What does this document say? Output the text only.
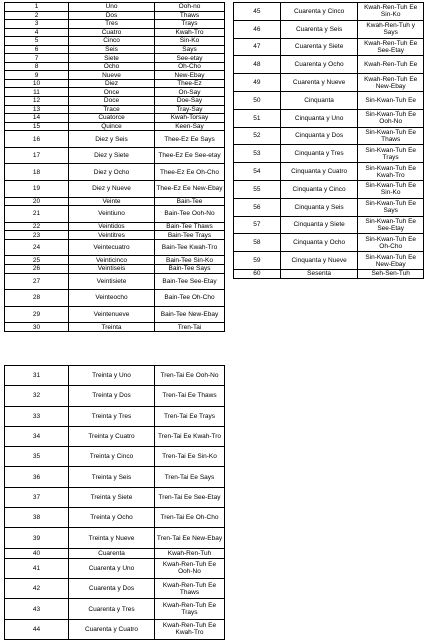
1	Uno	Ooh-no
2	Dos	Thaws
3	Tres	Trays
4	Cuatro	Kwah-Tro
5	Cinco	Sin-Ko
6	Seis	Says
7	Siete	See-etay
8	Ocho	Oh-Cho
9	Nueve	New-Ebay
10	Diez	Thee-Ez
11	Once	On-Say
12	Doce	Doe-Say
13	Trace	Tray-Say
14	Cuatorce	Kwah-Torsay
15	Quince	Keen-Say
16	Diez y Seis	Thee-Ez Ee Says
17	Diez y Siete	Thee-Ez Ee See-etay
18	Diez y Ocho	Thee-Ez Ee Oh-Cho
19	Diez y Nueve	Thee-Ez Ee New-Ebay
20	Veinte	Bain-Tee
21	Veintiuno	Bain-Tee Ooh-No
22	Veintidos	Bain-Tee Thaws
23	Veintitres	Bain-Tee Trays
24	Veintecuatro	Bain-Tee Kwah-Tro
25	Veinticinco	Bain-Tee Sin-Ko
26	Veintiseis	Bain-Tee Says
27	Veintisiete	Bain-Tee See-Etay
28	Veinteocho	Bain-Tee Oh-Cho
29	Veintenueve	Bain-Tee New-Ebay
30	Treinta	Tren-Tai
31	Treinta y Uno	Tren-Tai Ee Ooh-No
32	Treinta y Dos	Tren-Tai Ee Thaws
33	Treinta y Tres	Tren-Tai Ee Trays
34	Treinta y Cuatro	Tren-Tai Ee Kwah-Tro
35	Treinta y Cinco	Tren-Tai Ee Sin-Ko
36	Treinta y Seis	Tren-Tai Ee Says
37	Treinta y Siete	Tren-Tai Ee See-Etay
38	Treinta y Ocho	Tren-Tai Ee Oh-Cho
39	Treinta y Nueve	Tren-Tai Ee New-Ebay
40	Cuarenta	Kwah-Ren-Tuh
41	Cuarenta y Uno	Kwah-Ren-Tuh Ee Ooh-No
42	Cuarenta y Dos	Kwah-Ren-Tuh Ee Thaws
43	Cuarenta y Tres	Kwah-Ren-Tuh Ee Trays
44	Cuarenta y Cuatro	Kwah-Ren-Tuh Ee Kwah-Tro
45	Cuarenta y Cinco	Kwah-Ren-Tuh Ee Sin-Ko
46	Cuarenta y Seis	Kwah-Ren-Tuh y Says
47	Cuarenta y Siete	Kwah-Ren-Tuh Ee See-Etay
48	Cuarenta y Ocho	Kwah-Ren-Tuh Ee
49	Cuarenta y Nueve	Kwah-Ren-Tuh Ee New-Ebay
50	Cinquanta	Sin-Kwan-Tuh Ee
51	Cinquanta y Uno	Sin-Kwan-Tuh Ee Ooh-No
52	Cinquanta y Dos	Sin-Kwan-Tuh Ee Thaws
53	Cinquanta y Tres	Sin-Kwan-Tuh Ee Trays
54	Cinquanta y Cuatro	Sin-Kwan-Tuh Ee Kwah-Tro
55	Cinquanta y Cinco	Sin-Kwan-Tuh Ee Sin-Ko
56	Cinquanta y Seis	Sin-Kwan-Tuh Ee Says
57	Cinquanta y Siete	Sin-Kwan-Tuh Ee See-Etay
58	Cinquanta y Ocho	Sin-Kwan-Tuh Ee Oh-Cho
59	Cinquanta y Nueve	Sin-Kwan-Tuh Ee New-Ebay
60	Sesenta	Seh-Sen-Tuh
